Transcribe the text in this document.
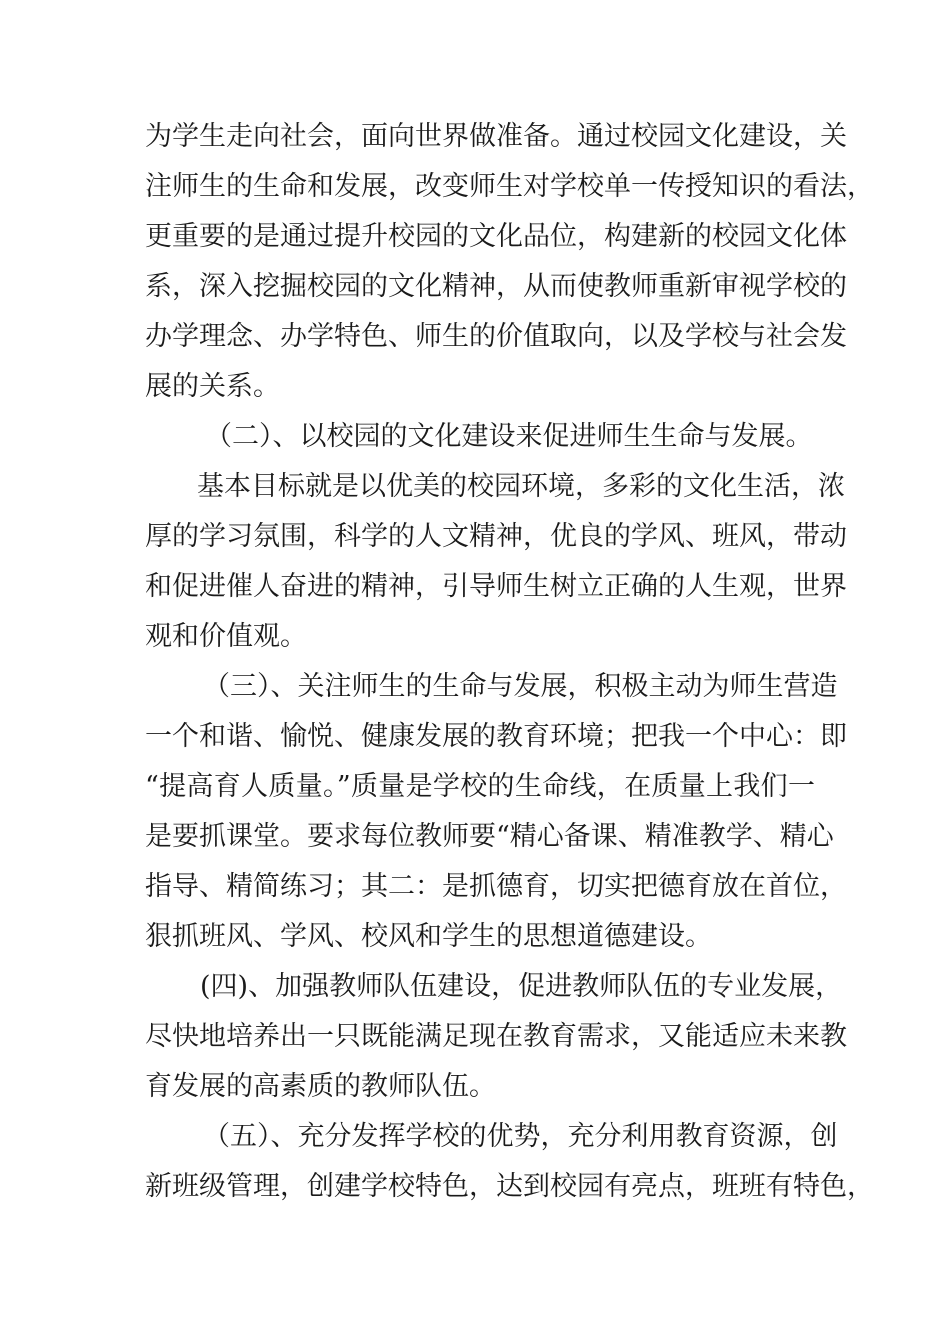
为学生走向社会，面向世界做准备。通过校园文化建设，关
注师生的生命和发展，改变师生对学校单一传授知识的看法，
更重要的是通过提升校园的文化品位，构建新的校园文化体
系，深入挖掘校园的文化精神，从而使教师重新审视学校的
办学理念、办学特色、师生的价值取向，以及学校与社会发
展的关系。
（二）、以校园的文化建设来促进师生生命与发展。
基本目标就是以优美的校园环境，多彩的文化生活，浓
厚的学习氛围，科学的人文精神，优良的学风、班风，带动
和促进催人奋进的精神，引导师生树立正确的人生观，世界
观和价值观。
（三）、关注师生的生命与发展，积极主动为师生营造
一个和谐、愉悦、健康发展的教育环境；把我一个中心：即
“提高育人质量。”质量是学校的生命线，在质量上我们一
是要抓课堂。要求每位教师要“精心备课、精准教学、精心
指导、精简练习；其二：是抓德育，切实把德育放在首位，
狠抓班风、学风、校风和学生的思想道德建设。
(四)、加强教师队伍建设，促进教师队伍的专业发展，
尽快地培养出一只既能满足现在教育需求，又能适应未来教
育发展的高素质的教师队伍。
（五）、充分发挥学校的优势，充分利用教育资源，创
新班级管理，创建学校特色，达到校园有亮点，班班有特色，
